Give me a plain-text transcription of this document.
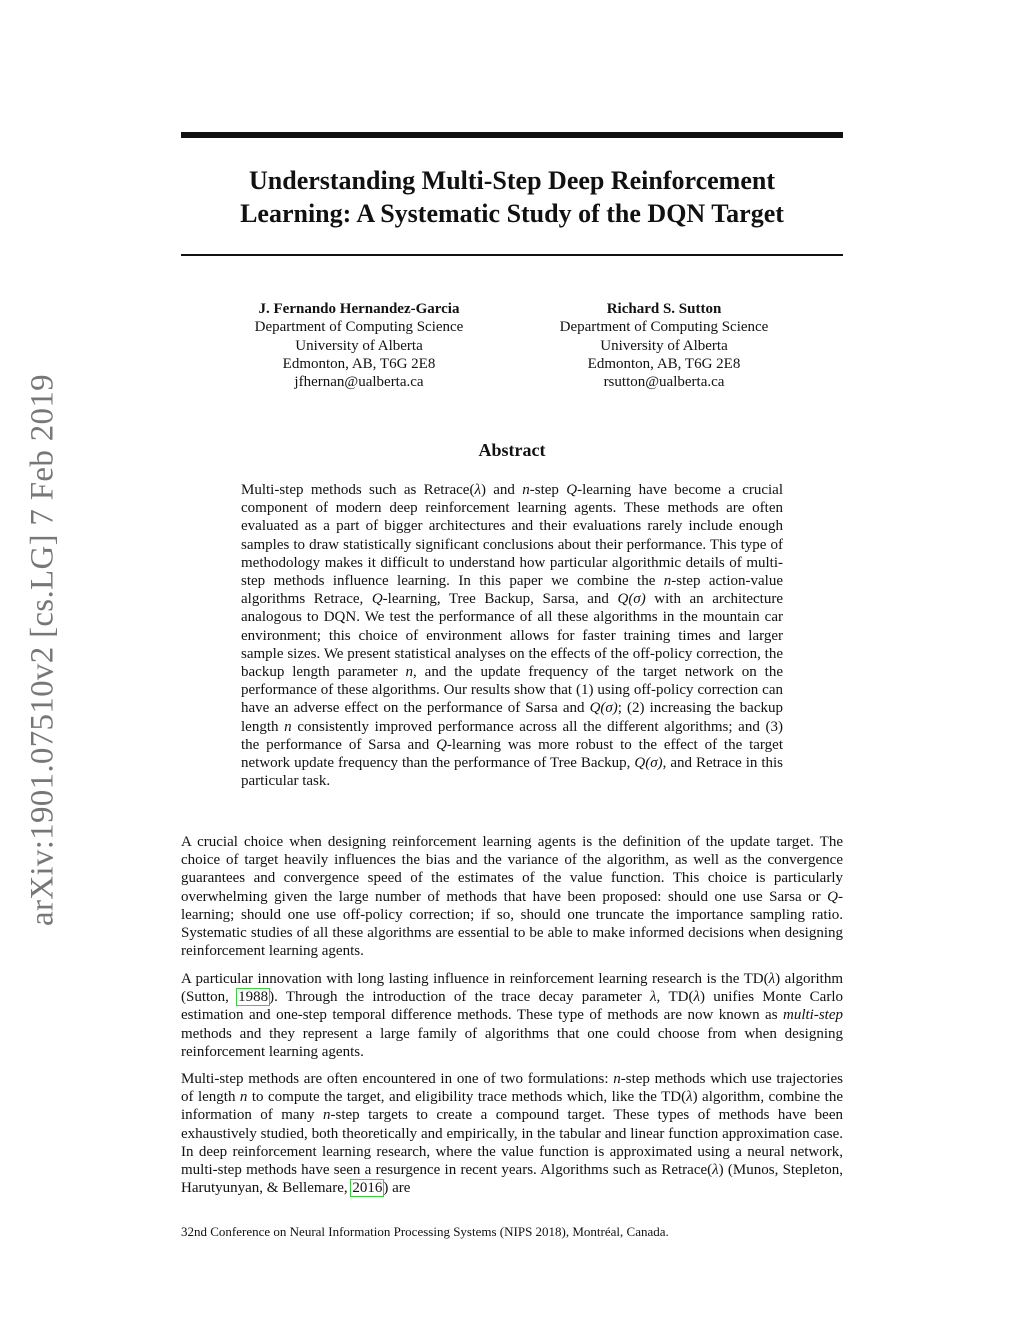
arXiv:1901.07510v2 [cs.LG] 7 Feb 2019
Understanding Multi-Step Deep Reinforcement
Learning: A Systematic Study of the DQN Target
J. Fernando Hernandez-Garcia
Department of Computing Science
University of Alberta
Edmonton, AB, T6G 2E8
jfhernan@ualberta.ca
Richard S. Sutton
Department of Computing Science
University of Alberta
Edmonton, AB, T6G 2E8
rsutton@ualberta.ca
Abstract

Multi-step methods such as Retrace(λ) and n-step Q-learning have become a crucial component of modern deep reinforcement learning agents. These methods are often evaluated as a part of bigger architectures and their evaluations rarely include enough samples to draw statistically significant conclusions about their performance. This type of methodology makes it difficult to understand how particular algorithmic details of multi-step methods influence learning. In this paper we combine the n-step action-value algorithms Retrace, Q-learning, Tree Backup, Sarsa, and Q(σ) with an architecture analogous to DQN. We test the performance of all these algorithms in the mountain car environment; this choice of environment allows for faster training times and larger sample sizes. We present statistical analyses on the effects of the off-policy correction, the backup length parameter n, and the update frequency of the target network on the performance of these algorithms. Our results show that (1) using off-policy correction can have an adverse effect on the performance of Sarsa and Q(σ); (2) increasing the backup length n consistently improved performance across all the different algorithms; and (3) the performance of Sarsa and Q-learning was more robust to the effect of the target network update frequency than the performance of Tree Backup, Q(σ), and Retrace in this particular task.

A crucial choice when designing reinforcement learning agents is the definition of the update target. The choice of target heavily influences the bias and the variance of the algorithm, as well as the convergence guarantees and convergence speed of the estimates of the value function. This choice is particularly overwhelming given the large number of methods that have been proposed: should one use Sarsa or Q-learning; should one use off-policy correction; if so, should one truncate the importance sampling ratio. Systematic studies of all these algorithms are essential to be able to make informed decisions when designing reinforcement learning agents.

A particular innovation with long lasting influence in reinforcement learning research is the TD(λ) algorithm (Sutton, 1988). Through the introduction of the trace decay parameter λ, TD(λ) unifies Monte Carlo estimation and one-step temporal difference methods. These type of methods are now known as multi-step methods and they represent a large family of algorithms that one could choose from when designing reinforcement learning agents.

Multi-step methods are often encountered in one of two formulations: n-step methods which use trajectories of length n to compute the target, and eligibility trace methods which, like the TD(λ) algorithm, combine the information of many n-step targets to create a compound target. These types of methods have been exhaustively studied, both theoretically and empirically, in the tabular and linear function approximation case. In deep reinforcement learning research, where the value function is approximated using a neural network, multi-step methods have seen a resurgence in recent years. Algorithms such as Retrace(λ) (Munos, Stepleton, Harutyunyan, & Bellemare, 2016) are

32nd Conference on Neural Information Processing Systems (NIPS 2018), Montréal, Canada.
